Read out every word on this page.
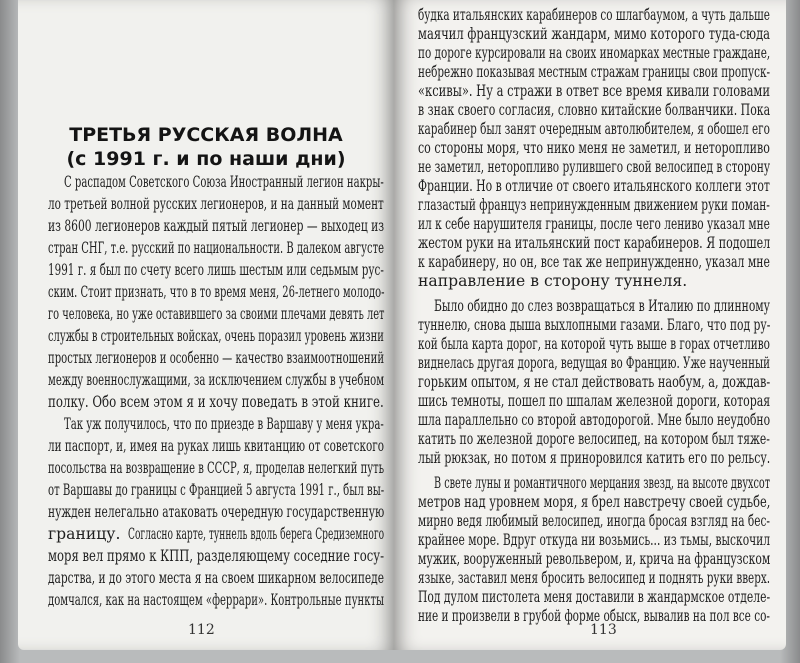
ТРЕТЬЯ РУССКАЯ ВОЛНА
(с 1991 г. и по наши дни)
С распадом Советского Союза Иностранный легион накры-
ло третьей волной русских легионеров, и на данный момент
из 8600 легионеров каждый пятый легионер — выходец из
стран СНГ, т.е. русский по национальности. В далеком августе
1991 г. я был по счету всего лишь шестым или седьмым рус-
ским. Стоит признать, что в то время меня, 26-летнего молодо-
го человека, но уже оставившего за своими плечами девять лет
службы в строительных войсках, очень поразил уровень жизни
простых легионеров и особенно — качество взаимоотношений
между военнослужащими, за исключением службы в учебном
полку. Обо всем этом я и хочу поведать в этой книге.
Так уж получилось, что по приезде в Варшаву у меня укра-
ли паспорт, и, имея на руках лишь квитанцию от советского
посольства на возвращение в СССР, я, проделав нелегкий путь
от Варшавы до границы с Францией 5 августа 1991 г., был вы-
нужден нелегально атаковать очередную государственную
границу. Согласно карте, туннель вдоль берега Средиземного
моря вел прямо к КПП, разделяющему соседние госу-
дарства, и до этого места я на своем шикарном велосипеде
домчался, как на настоящем «феррари». Контрольные пункты
112
будка итальянских карабинеров со шлагбаумом, а чуть дальше
маячил французский жандарм, мимо которого туда-сюда
по дороге курсировали на своих иномарках местные граждане,
небрежно показывая местным стражам границы свои пропуск-
«ксивы». Ну а стражи в ответ все время кивали головами
в знак своего согласия, словно китайские болванчики. Пока
карабинер был занят очередным автолюбителем, я обошел его
со стороны моря, что нико меня не заметил, и неторопливо
не заметил, неторопливо рулившего свой велосипед в сторону
Франции. Но в отличие от своего итальянского коллеги этот
глазастый француз непринужденным движением руки поман-
ил к себе нарушителя границы, после чего лениво указал мне
жестом руки на итальянский пост карабинеров. Я подошел
к карабинеру, но он, все так же непринужденно, указал мне
направление в сторону туннеля.
Было обидно до слез возвращаться в Италию по длинному
туннелю, снова дыша выхлопными газами. Благо, что под ру-
кой была карта дорог, на которой чуть выше в горах отчетливо
виднелась другая дорога, ведущая во Францию. Уже наученный
горьким опытом, я не стал действовать наобум, а, дождав-
шись темноты, пошел по шпалам железной дороги, которая
шла параллельно со второй автодорогой. Мне было неудобно
катить по железной дороге велосипед, на котором был тяже-
лый рюкзак, но потом я приноровился катить его по рельсу.
В свете луны и романтичного мерцания звезд, на высоте двухсот
метров над уровнем моря, я брел навстречу своей судьбе,
мирно ведя любимый велосипед, иногда бросая взгляд на бес-
крайнее море. Вдруг откуда ни возьмись... из тьмы, выскочил
мужик, вооруженный револьвером, и, крича на французском
языке, заставил меня бросить велосипед и поднять руки вверх.
Под дулом пистолета меня доставили в жандармское отделе-
ние и произвели в грубой форме обыск, вывалив на пол все со-
113
